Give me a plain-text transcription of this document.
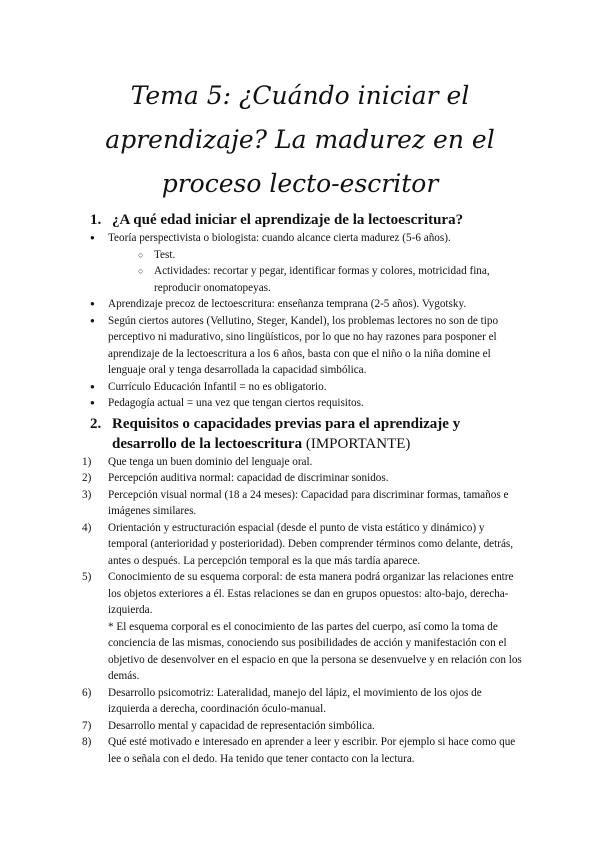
Tema 5: ¿Cuándo iniciar el
aprendizaje? La madurez en el
proceso lecto-escritor
1. ¿A qué edad iniciar el aprendizaje de la lectoescritura?
● Teoría perspectivista o biologista: cuando alcance cierta madurez (5-6 años).
○ Test.
○ Actividades: recortar y pegar, identificar formas y colores, motricidad fina, reproducir onomatopeyas.
● Aprendizaje precoz de lectoescritura: enseñanza temprana (2-5 años). Vygotsky.
● Según ciertos autores (Vellutino, Steger, Kandel), los problemas lectores no son de tipo perceptivo ni madurativo, sino lingüísticos, por lo que no hay razones para posponer el aprendizaje de la lectoescritura a los 6 años, basta con que el niño o la niña domine el lenguaje oral y tenga desarrollada la capacidad simbólica.
● Currículo Educación Infantil = no es obligatorio.
● Pedagogía actual = una vez que tengan ciertos requisitos.
2. Requisitos o capacidades previas para el aprendizaje y desarrollo de la lectoescritura (IMPORTANTE)
1) Que tenga un buen dominio del lenguaje oral.
2) Percepción auditiva normal: capacidad de discriminar sonidos.
3) Percepción visual normal (18 a 24 meses): Capacidad para discriminar formas, tamaños e imágenes similares.
4) Orientación y estructuración espacial (desde el punto de vista estático y dinámico) y temporal (anterioridad y posterioridad). Deben comprender términos como delante, detrás, antes o después. La percepción temporal es la que más tardía aparece.
5) Conocimiento de su esquema corporal: de esta manera podrá organizar las relaciones entre los objetos exteriores a él. Estas relaciones se dan en grupos opuestos: alto-bajo, derecha-izquierda.
* El esquema corporal es el conocimiento de las partes del cuerpo, así como la toma de conciencia de las mismas, conociendo sus posibilidades de acción y manifestación con el objetivo de desenvolver en el espacio en que la persona se desenvuelve y en relación con los demás.
6) Desarrollo psicomotriz: Lateralidad, manejo del lápiz, el movimiento de los ojos de izquierda a derecha, coordinación óculo-manual.
7) Desarrollo mental y capacidad de representación simbólica.
8) Qué esté motivado e interesado en aprender a leer y escribir. Por ejemplo si hace como que lee o señala con el dedo. Ha tenido que tener contacto con la lectura.
